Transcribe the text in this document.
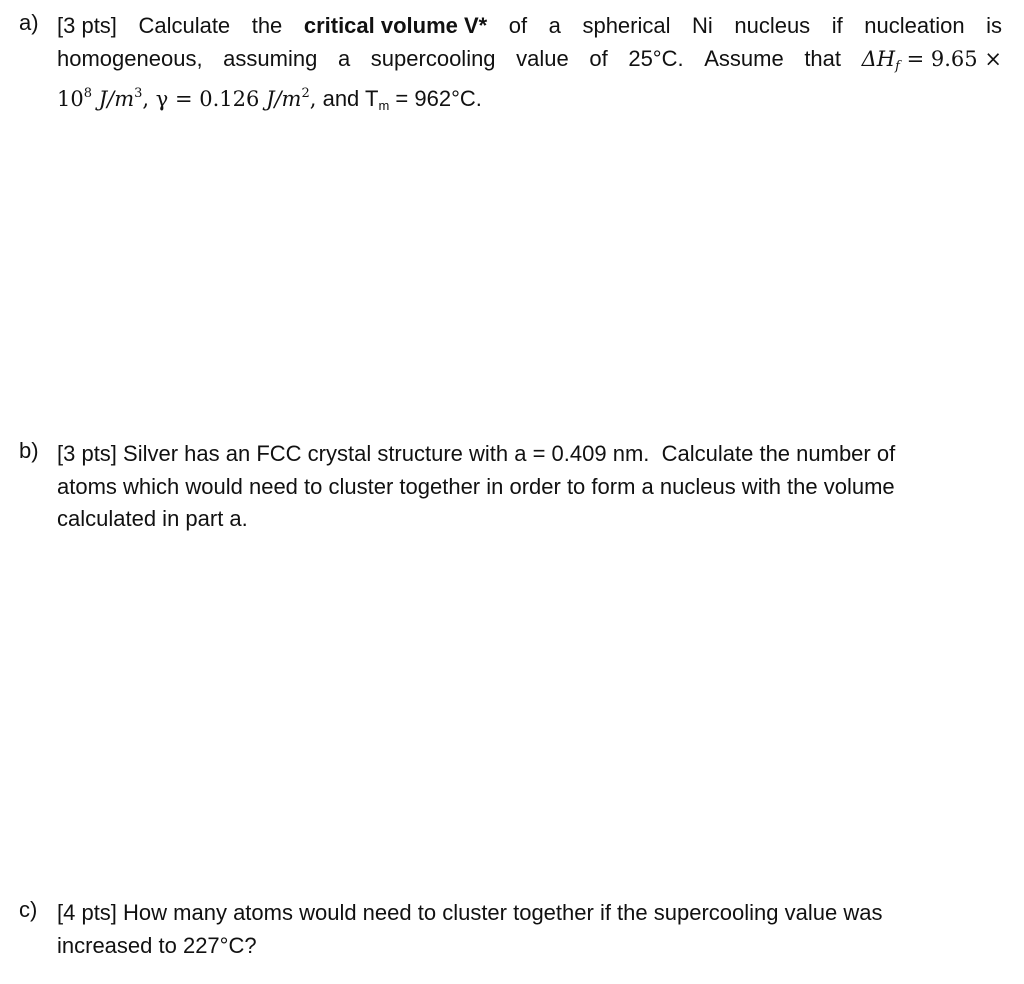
a) [3 pts] Calculate the critical volume V* of a spherical Ni nucleus if nucleation is
homogeneous, assuming a supercooling value of 25°C. Assume that $\Delta H_f = 9.65$ ×
$10^8$ $J/m^3$, γ = 0.126 $J/m^2$, and $T_m = 962^\circ C$.
b) [3 pts] Silver has an FCC crystal structure with a = 0.409 nm.  Calculate the number of
atoms which would need to cluster together in order to form a nucleus with the volume
calculated in part a.
c) [4 pts] How many atoms would need to cluster together if the supercooling value was
increased to 227°C?
